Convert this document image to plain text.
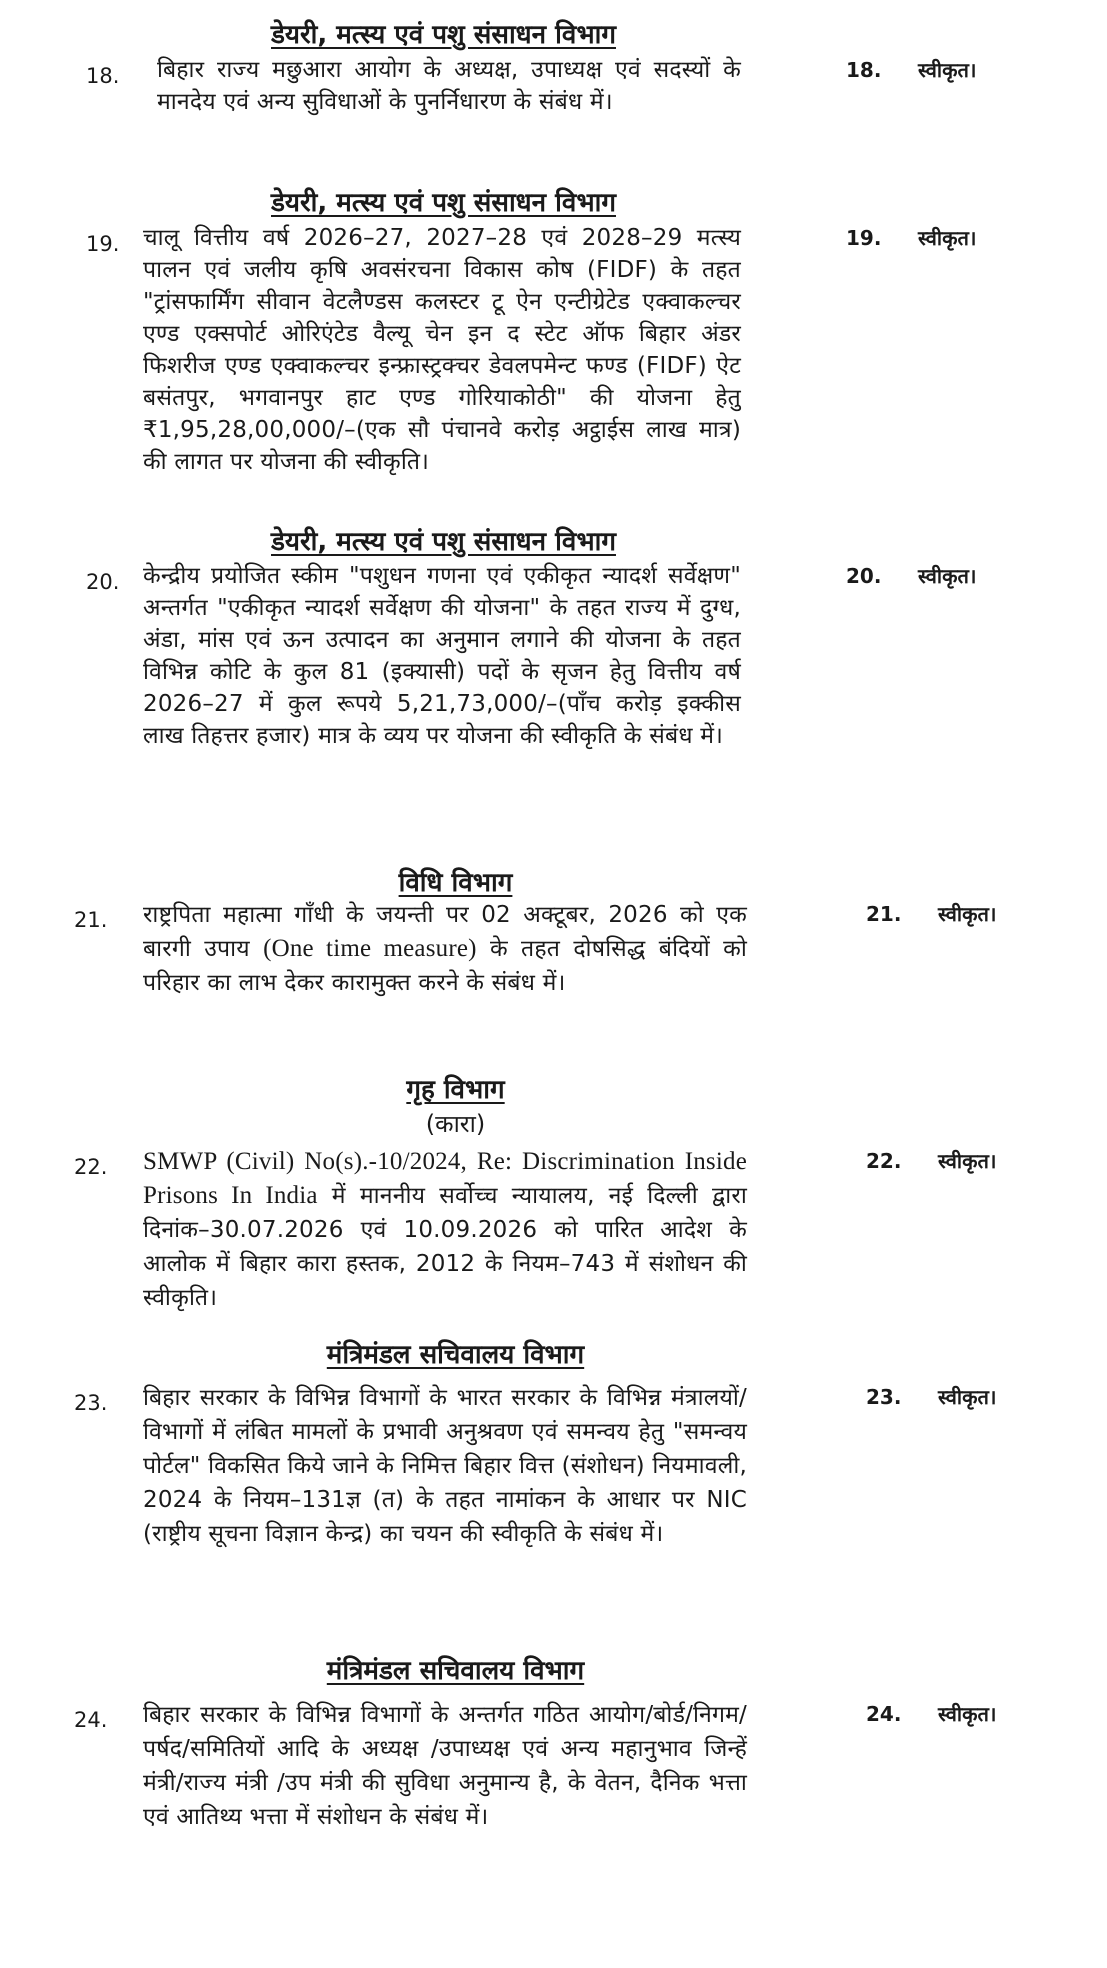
डेयरी, मत्स्य एवं पशु संसाधन विभाग
18. बिहार राज्य मछुआरा आयोग के अध्यक्ष, उपाध्यक्ष एवं सदस्यों के मानदेय एवं अन्य सुविधाओं के पुनर्निधारण के संबंध में।
18. स्वीकृत।
डेयरी, मत्स्य एवं पशु संसाधन विभाग
19. चालू वित्तीय वर्ष 2026–27, 2027–28 एवं 2028–29 मत्स्य पालन एवं जलीय कृषि अवसंरचना विकास कोष (FIDF) के तहत "ट्रांसफार्मिंग सीवान वेटलैण्डस कलस्टर टू ऐन एन्टीग्रेटेड एक्वाकल्चर एण्ड एक्सपोर्ट ओरिएंटेड वैल्यू चेन इन द स्टेट ऑफ बिहार अंडर फिशरीज एण्ड एक्वाकल्चर इन्फ्रास्ट्रक्चर डेवलपमेन्ट फण्ड (FIDF) ऐट बसंतपुर, भगवानपुर हाट एण्ड गोरियाकोठी" की योजना हेतु ₹1,95,28,00,000/–(एक सौ पंचानवे करोड़ अट्ठाईस लाख मात्र) की लागत पर योजना की स्वीकृति।
19. स्वीकृत।
डेयरी, मत्स्य एवं पशु संसाधन विभाग
20. केन्द्रीय प्रयोजित स्कीम "पशुधन गणना एवं एकीकृत न्यादर्श सर्वेक्षण" अन्तर्गत "एकीकृत न्यादर्श सर्वेक्षण की योजना" के तहत राज्य में दुग्ध, अंडा, मांस एवं ऊन उत्पादन का अनुमान लगाने की योजना के तहत विभिन्न कोटि के कुल 81 (इक्यासी) पदों के सृजन हेतु वित्तीय वर्ष 2026–27 में कुल रूपये 5,21,73,000/–(पाँच करोड़ इक्कीस लाख तिहत्तर हजार) मात्र के व्यय पर योजना की स्वीकृति के संबंध में।
20. स्वीकृत।
विधि विभाग
21. राष्ट्रपिता महात्मा गाँधी के जयन्ती पर 02 अक्टूबर, 2026 को एक बारगी उपाय (One time measure) के तहत दोषसिद्ध बंदियों को परिहार का लाभ देकर कारामुक्त करने के संबंध में।
21. स्वीकृत।
गृह विभाग
(कारा)
22. SMWP (Civil) No(s).-10/2024, Re: Discrimination Inside Prisons In India में माननीय सर्वोच्च न्यायालय, नई दिल्ली द्वारा दिनांक–30.07.2026 एवं 10.09.2026 को पारित आदेश के आलोक में बिहार कारा हस्तक, 2012 के नियम–743 में संशोधन की स्वीकृति।
22. स्वीकृत।
मंत्रिमंडल सचिवालय विभाग
23. बिहार सरकार के विभिन्न विभागों के भारत सरकार के विभिन्न मंत्रालयों/विभागों में लंबित मामलों के प्रभावी अनुश्रवण एवं समन्वय हेतु "समन्वय पोर्टल" विकसित किये जाने के निमित्त बिहार वित्त (संशोधन) नियमावली, 2024 के नियम–131ज्ञ (त) के तहत नामांकन के आधार पर NIC (राष्ट्रीय सूचना विज्ञान केन्द्र) का चयन की स्वीकृति के संबंध में।
23. स्वीकृत।
मंत्रिमंडल सचिवालय विभाग
24. बिहार सरकार के विभिन्न विभागों के अन्तर्गत गठित आयोग/बोर्ड/निगम/पर्षद/समितियों आदि के अध्यक्ष /उपाध्यक्ष एवं अन्य महानुभाव जिन्हें मंत्री/राज्य मंत्री /उप मंत्री की सुविधा अनुमान्य है, के वेतन, दैनिक भत्ता एवं आतिथ्य भत्ता में संशोधन के संबंध में।
24. स्वीकृत।
